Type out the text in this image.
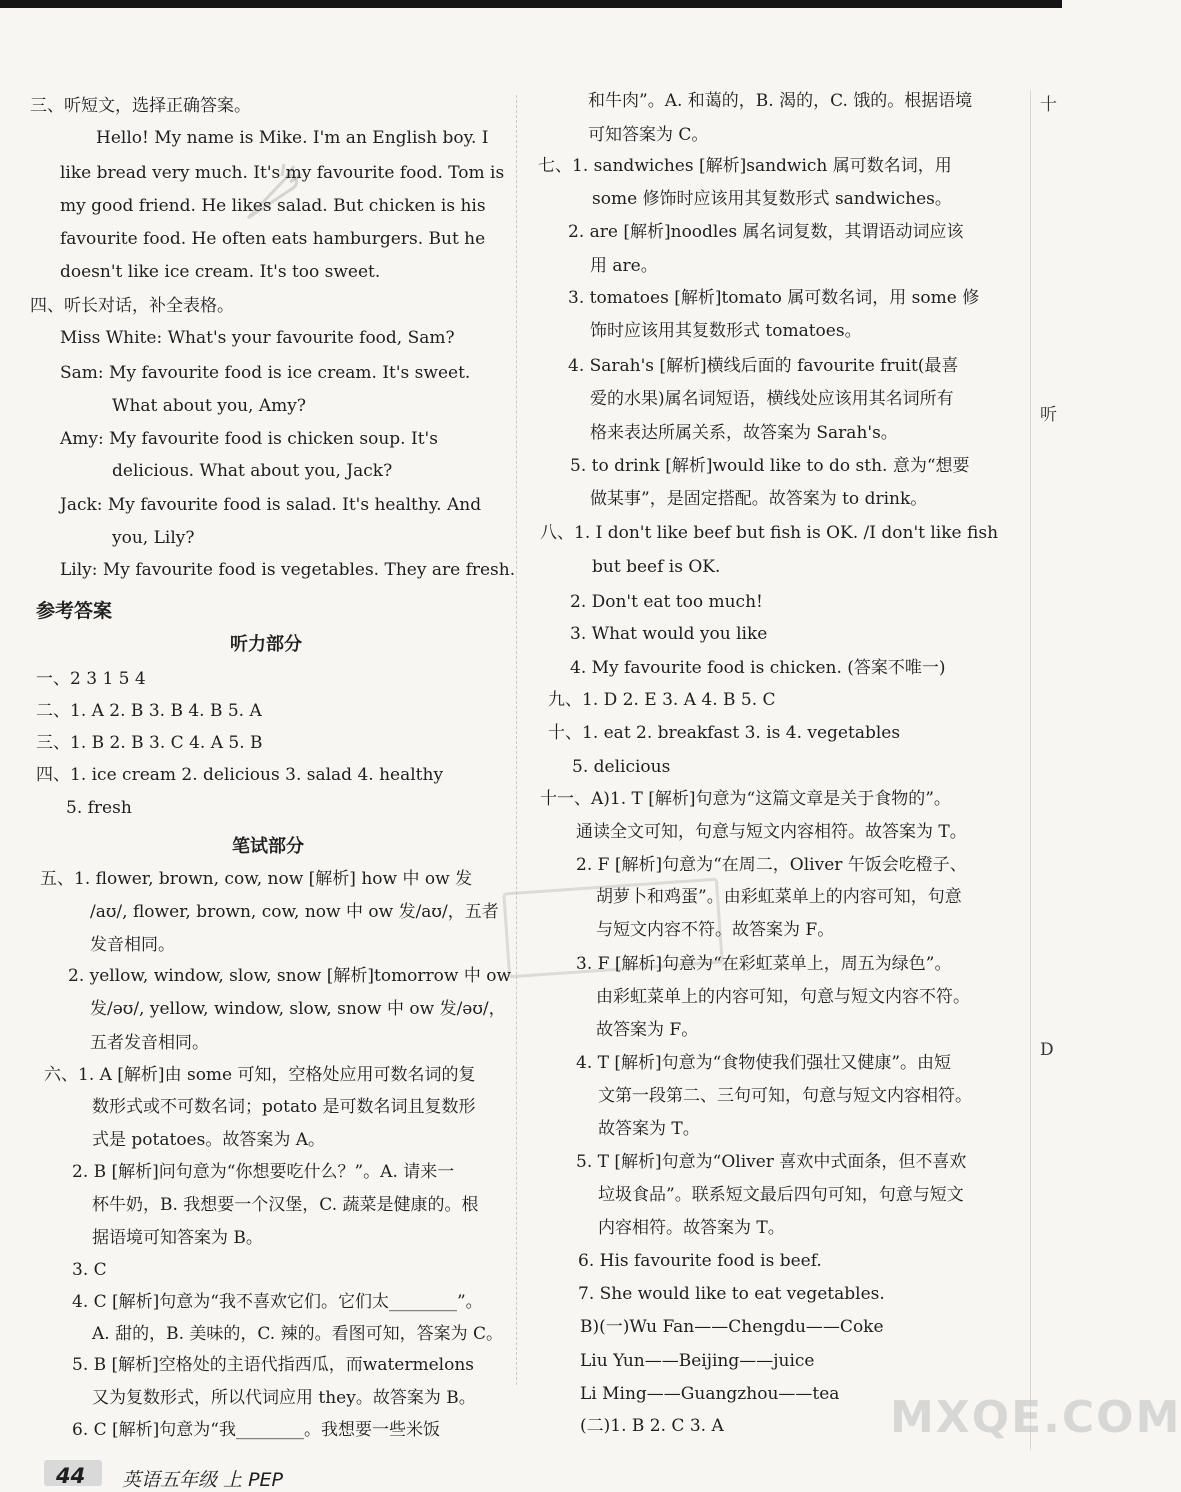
三、听短文，选择正确答案。
Hello! My name is Mike. I'm an English boy. I
like bread very much. It's my favourite food. Tom is
my good friend. He likes salad. But chicken is his
favourite food. He often eats hamburgers. But he
doesn't like ice cream. It's too sweet.
四、听长对话，补全表格。
Miss White: What's your favourite food, Sam?
Sam: My favourite food is ice cream. It's sweet.
What about you, Amy?
Amy: My favourite food is chicken soup. It's
delicious. What about you, Jack?
Jack: My favourite food is salad. It's healthy. And
you, Lily?
Lily: My favourite food is vegetables. They are fresh.
参考答案
听力部分
一、2 3 1 5 4
二、1. A 2. B 3. B 4. B 5. A
三、1. B 2. B 3. C 4. A 5. B
四、1. ice cream 2. delicious 3. salad 4. healthy
5. fresh
笔试部分
五、1. flower, brown, cow, now [解析] how 中 ow 发
/aʊ/, flower, brown, cow, now 中 ow 发/aʊ/，五者
发音相同。
2. yellow, window, slow, snow [解析]tomorrow 中 ow
发/əʊ/, yellow, window, slow, snow 中 ow 发/əʊ/，
五者发音相同。
六、1. A [解析]由 some 可知，空格处应用可数名词的复
数形式或不可数名词；potato 是可数名词且复数形
式是 potatoes。故答案为 A。
2. B [解析]问句意为“你想要吃什么？”。A. 请来一
杯牛奶，B. 我想要一个汉堡，C. 蔬菜是健康的。根
据语境可知答案为 B。
3. C
4. C [解析]句意为“我不喜欢它们。它们太________”。
A. 甜的，B. 美味的，C. 辣的。看图可知，答案为 C。
5. B [解析]空格处的主语代指西瓜，而watermelons
又为复数形式，所以代词应用 they。故答案为 B。
6. C [解析]句意为“我________。我想要一些米饭
和牛肉”。A. 和蔼的，B. 渴的，C. 饿的。根据语境
可知答案为 C。
七、1. sandwiches [解析]sandwich 属可数名词，用
some 修饰时应该用其复数形式 sandwiches。
2. are [解析]noodles 属名词复数，其谓语动词应该
用 are。
3. tomatoes [解析]tomato 属可数名词，用 some 修
饰时应该用其复数形式 tomatoes。
4. Sarah's [解析]横线后面的 favourite fruit(最喜
爱的水果)属名词短语，横线处应该用其名词所有
格来表达所属关系，故答案为 Sarah's。
5. to drink [解析]would like to do sth. 意为“想要
做某事”，是固定搭配。故答案为 to drink。
八、1. I don't like beef but fish is OK. /I don't like fish
but beef is OK.
2. Don't eat too much!
3. What would you like
4. My favourite food is chicken. (答案不唯一)
九、1. D 2. E 3. A 4. B 5. C
十、1. eat 2. breakfast 3. is 4. vegetables
5. delicious
十一、A)1. T [解析]句意为“这篇文章是关于食物的”。
通读全文可知，句意与短文内容相符。故答案为 T。
2. F [解析]句意为“在周二，Oliver 午饭会吃橙子、
胡萝卜和鸡蛋”。由彩虹菜单上的内容可知，句意
与短文内容不符。故答案为 F。
3. F [解析]句意为“在彩虹菜单上，周五为绿色”。
由彩虹菜单上的内容可知，句意与短文内容不符。
故答案为 F。
4. T [解析]句意为“食物使我们强壮又健康”。由短
文第一段第二、三句可知，句意与短文内容相符。
故答案为 T。
5. T [解析]句意为“Oliver 喜欢中式面条，但不喜欢
垃圾食品”。联系短文最后四句可知，句意与短文
内容相符。故答案为 T。
6. His favourite food is beef.
7. She would like to eat vegetables.
B)(一)Wu Fan——Chengdu——Coke
Liu Yun——Beijing——juice
Li Ming——Guangzhou——tea
(二)1. B 2. C 3. A
十
听
D
44 英语五年级 上 PEP
MXQE.COM
